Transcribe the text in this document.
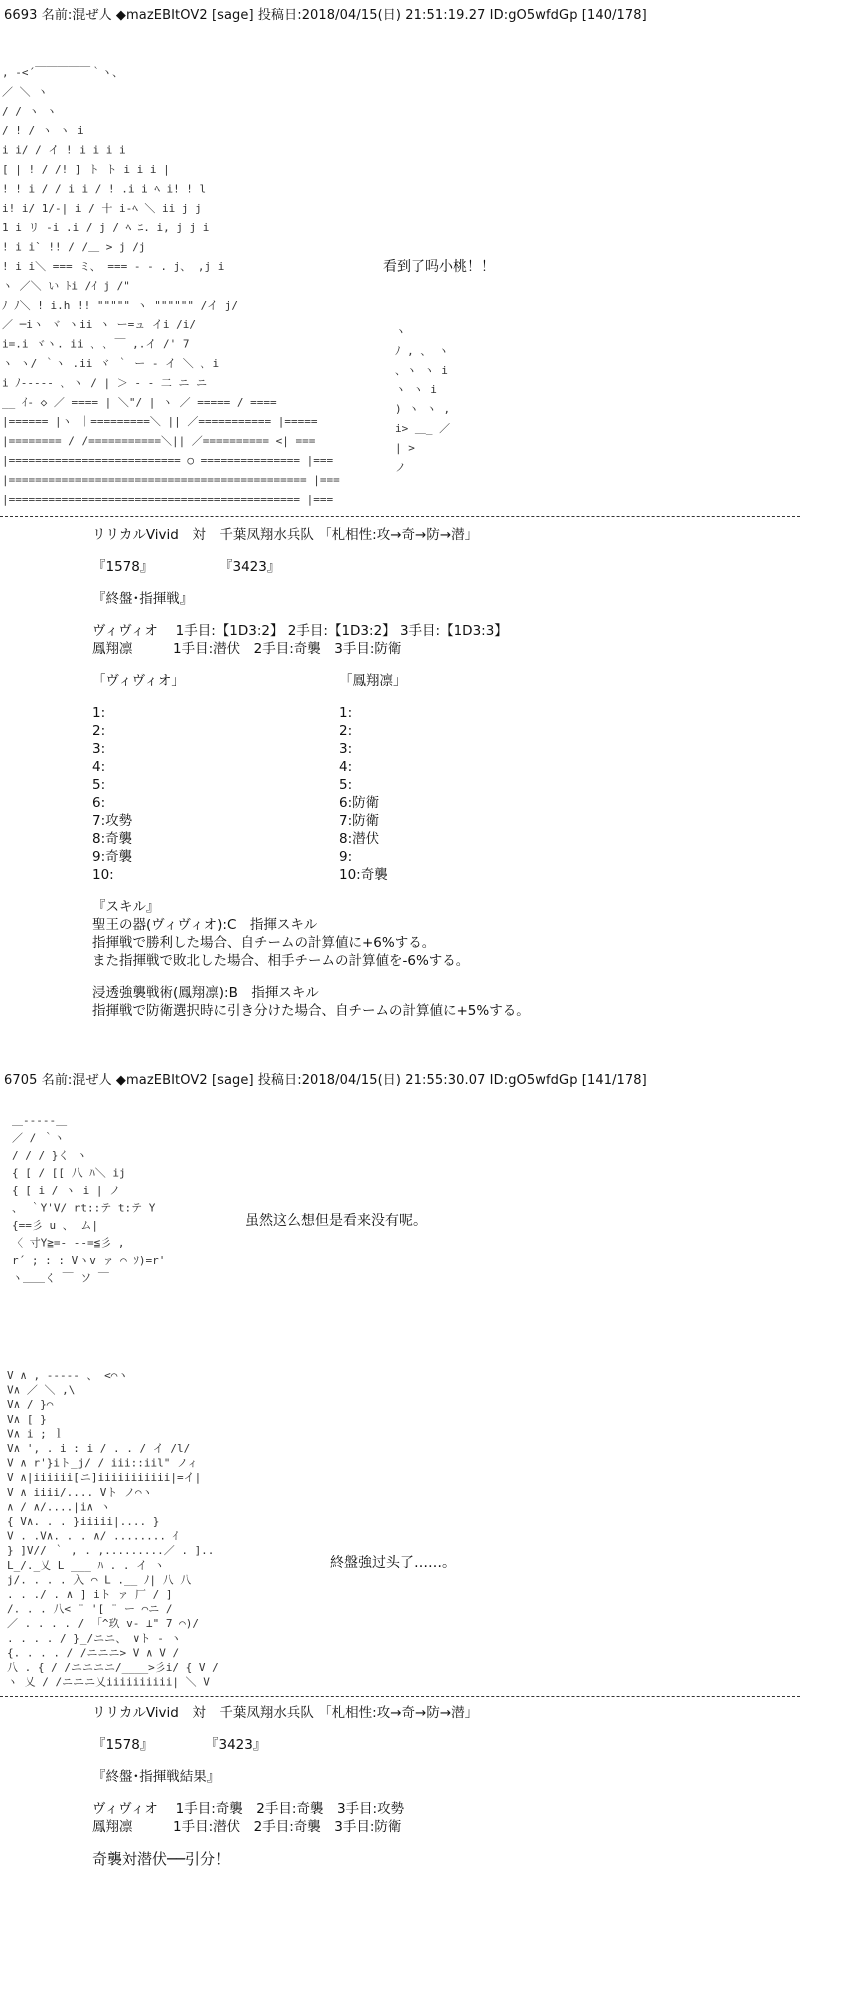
6693 名前:混ぜ人 ◆mazEBItOV2 [sage] 投稿日:2018/04/15(日) 21:51:19.27 ID:gO5wfdGp [140/178]

, ‐<´￣￣￣￣￣｀ヽ、
／ ＼ ヽ
/ / ヽ ヽ
/ ! / ヽ ヽ i
i i/ / イ ! i i i i
[ | ! / /! ] ト ト i i i |
! ! i / / i i / ! .i i ﾍ i! ! l
i! i/ 1/‐| i / 十 i‐ﾍ ＼ ii j j
1 i リ -i .i / j / ﾍ ﾆ. i, j j i
! i i` !! / /＿ > j /j
! i i＼ === ミ、 === - - . j、 ,j i
ヽ ／＼ い ﾄi /ｲ j /"
ﾉ ﾉ＼ ! i.h !! """"" ヽ """""" /イ j/
／ ─iヽ ヾ ヽii ヽ ー=ュ イi /i/
i=.i ヾヽ. ii ､ ､ ￣ ,.イ /' 7
ヽ ヽ/ ｀ヽ .ii ヾ ｀ ー ‐ イ ＼ ､ i
i ﾉ‐‐‐‐‐ ､ ヽ / | ＞ ‐ ‐ 二 ニ ニ
__ ｲ‐ ◇ ／ ==== | ＼"/ | ヽ ／ ===== / ====
|====== |ヽ ｜=========＼ || ／=========== |=====
|======== / /===========＼|| ／========== <| ===
|========================== ○ =============== |===
|============================================= |===
|============================================ |===
ヽ
ﾉ , 、 ヽ
、ヽ ヽ i
ヽ ヽ i
) ヽ ヽ ,
i> ＿_ ／
| >
ノ

看到了吗小桃！！
リリカルVivid　対　千葉凤翔水兵队 「札相性:攻→奇→防→潜」
『1578』	『3423』
『終盤･指揮戦』
ヴィヴィオ　 1手目:【1D3:2】 2手目:【1D3:2】 3手目:【1D3:3】
鳳翔凛　　　1手目:潜伏　2手目:奇襲　3手目:防衛
「ヴィヴィオ」	「鳳翔凛」
1:	1:
2:	2:
3:	3:
4:	4:
5:	5:
6:	6:防衛
7:攻勢	7:防衛
8:奇襲	8:潜伏
9:奇襲	9:
10:	10:奇襲
『スキル』
聖王の器(ヴィヴィオ):C　指揮スキル
指揮戦で勝利した場合、自チームの計算値に+6%する。
また指揮戦で敗北した場合、相手チームの計算値を-6%する。
浸透強襲戦術(鳳翔凛):B　指揮スキル
指揮戦で防衛選択時に引き分けた場合、自チームの計算値に+5%する。
6705 名前:混ぜ人 ◆mazEBItOV2 [sage] 投稿日:2018/04/15(日) 21:55:30.07 ID:gO5wfdGp [141/178]

＿‐‐‐‐‐＿
／ / ｀ヽ
/ / / }く ヽ
{ [ / [[ 八 ﾊ＼ ij
{ [ i / ヽ i | ノ
、 ｀Y'V/ rt::テ t:テ Y
{==彡 u 、 ム|
〈 寸Y≧=- -‐=≦彡 ,
r´ ; : : Vヽv ァ ⌒ ｿ)=r'
ヽ＿＿く ￣ ソ ￣

虽然这么想但是看来没有呢。

V ∧ , ‐‐‐‐‐ 、 <⌒ヽ
V∧ ／ ＼ ,\
V∧ / }⌒
V∧ [ }
V∧ i ; ｌ
V∧ ', . i : i / . . / イ /l/
V ∧ r'}iト_j/ / iii::iil" ノィ
V ∧|iiiiii[ニ]iiiiiiiiiii|=イ|
V ∧ iiii/.... Vト ノ⌒ヽ
∧ / ∧/....|i∧ ヽ
{ V∧. . . }iiiii|.... }
V . .V∧. . . ∧/ ........ ｲ
} ]V// ｀ , . ,.........／ . ]..
L_/._乂 L ___ ﾊ . . イ ヽ
j/. . . . 入 ⌒ L .__ ﾉ| 八 八
. . ./ . ∧ ] iト ァ 厂 / ]
/. . . 八< ¨ '[ ¨ ー ⌒ニ /
／ . . . . / 「^玖 v- ⊥" 7 ⌒)/
. . . . / }_/ニニ、 ∨ト ‐ ヽ
{. . . . / /ニニニ> V ∧ V /
八 . { / /ニニニニ/____>彡i/ { V /
ヽ 乂 / /ニニニ乂iiiiiiiiii| ＼ V

終盤強过头了……。
リリカルVivid　対　千葉凤翔水兵队 「札相性:攻→奇→防→潜」
『1578』	『3423』
『終盤･指揮戦結果』
ヴィヴィオ　 1手目:奇襲　2手目:奇襲　3手目:攻勢
鳳翔凛　　　1手目:潜伏　2手目:奇襲　3手目:防衛
奇襲対潜伏──引分！
